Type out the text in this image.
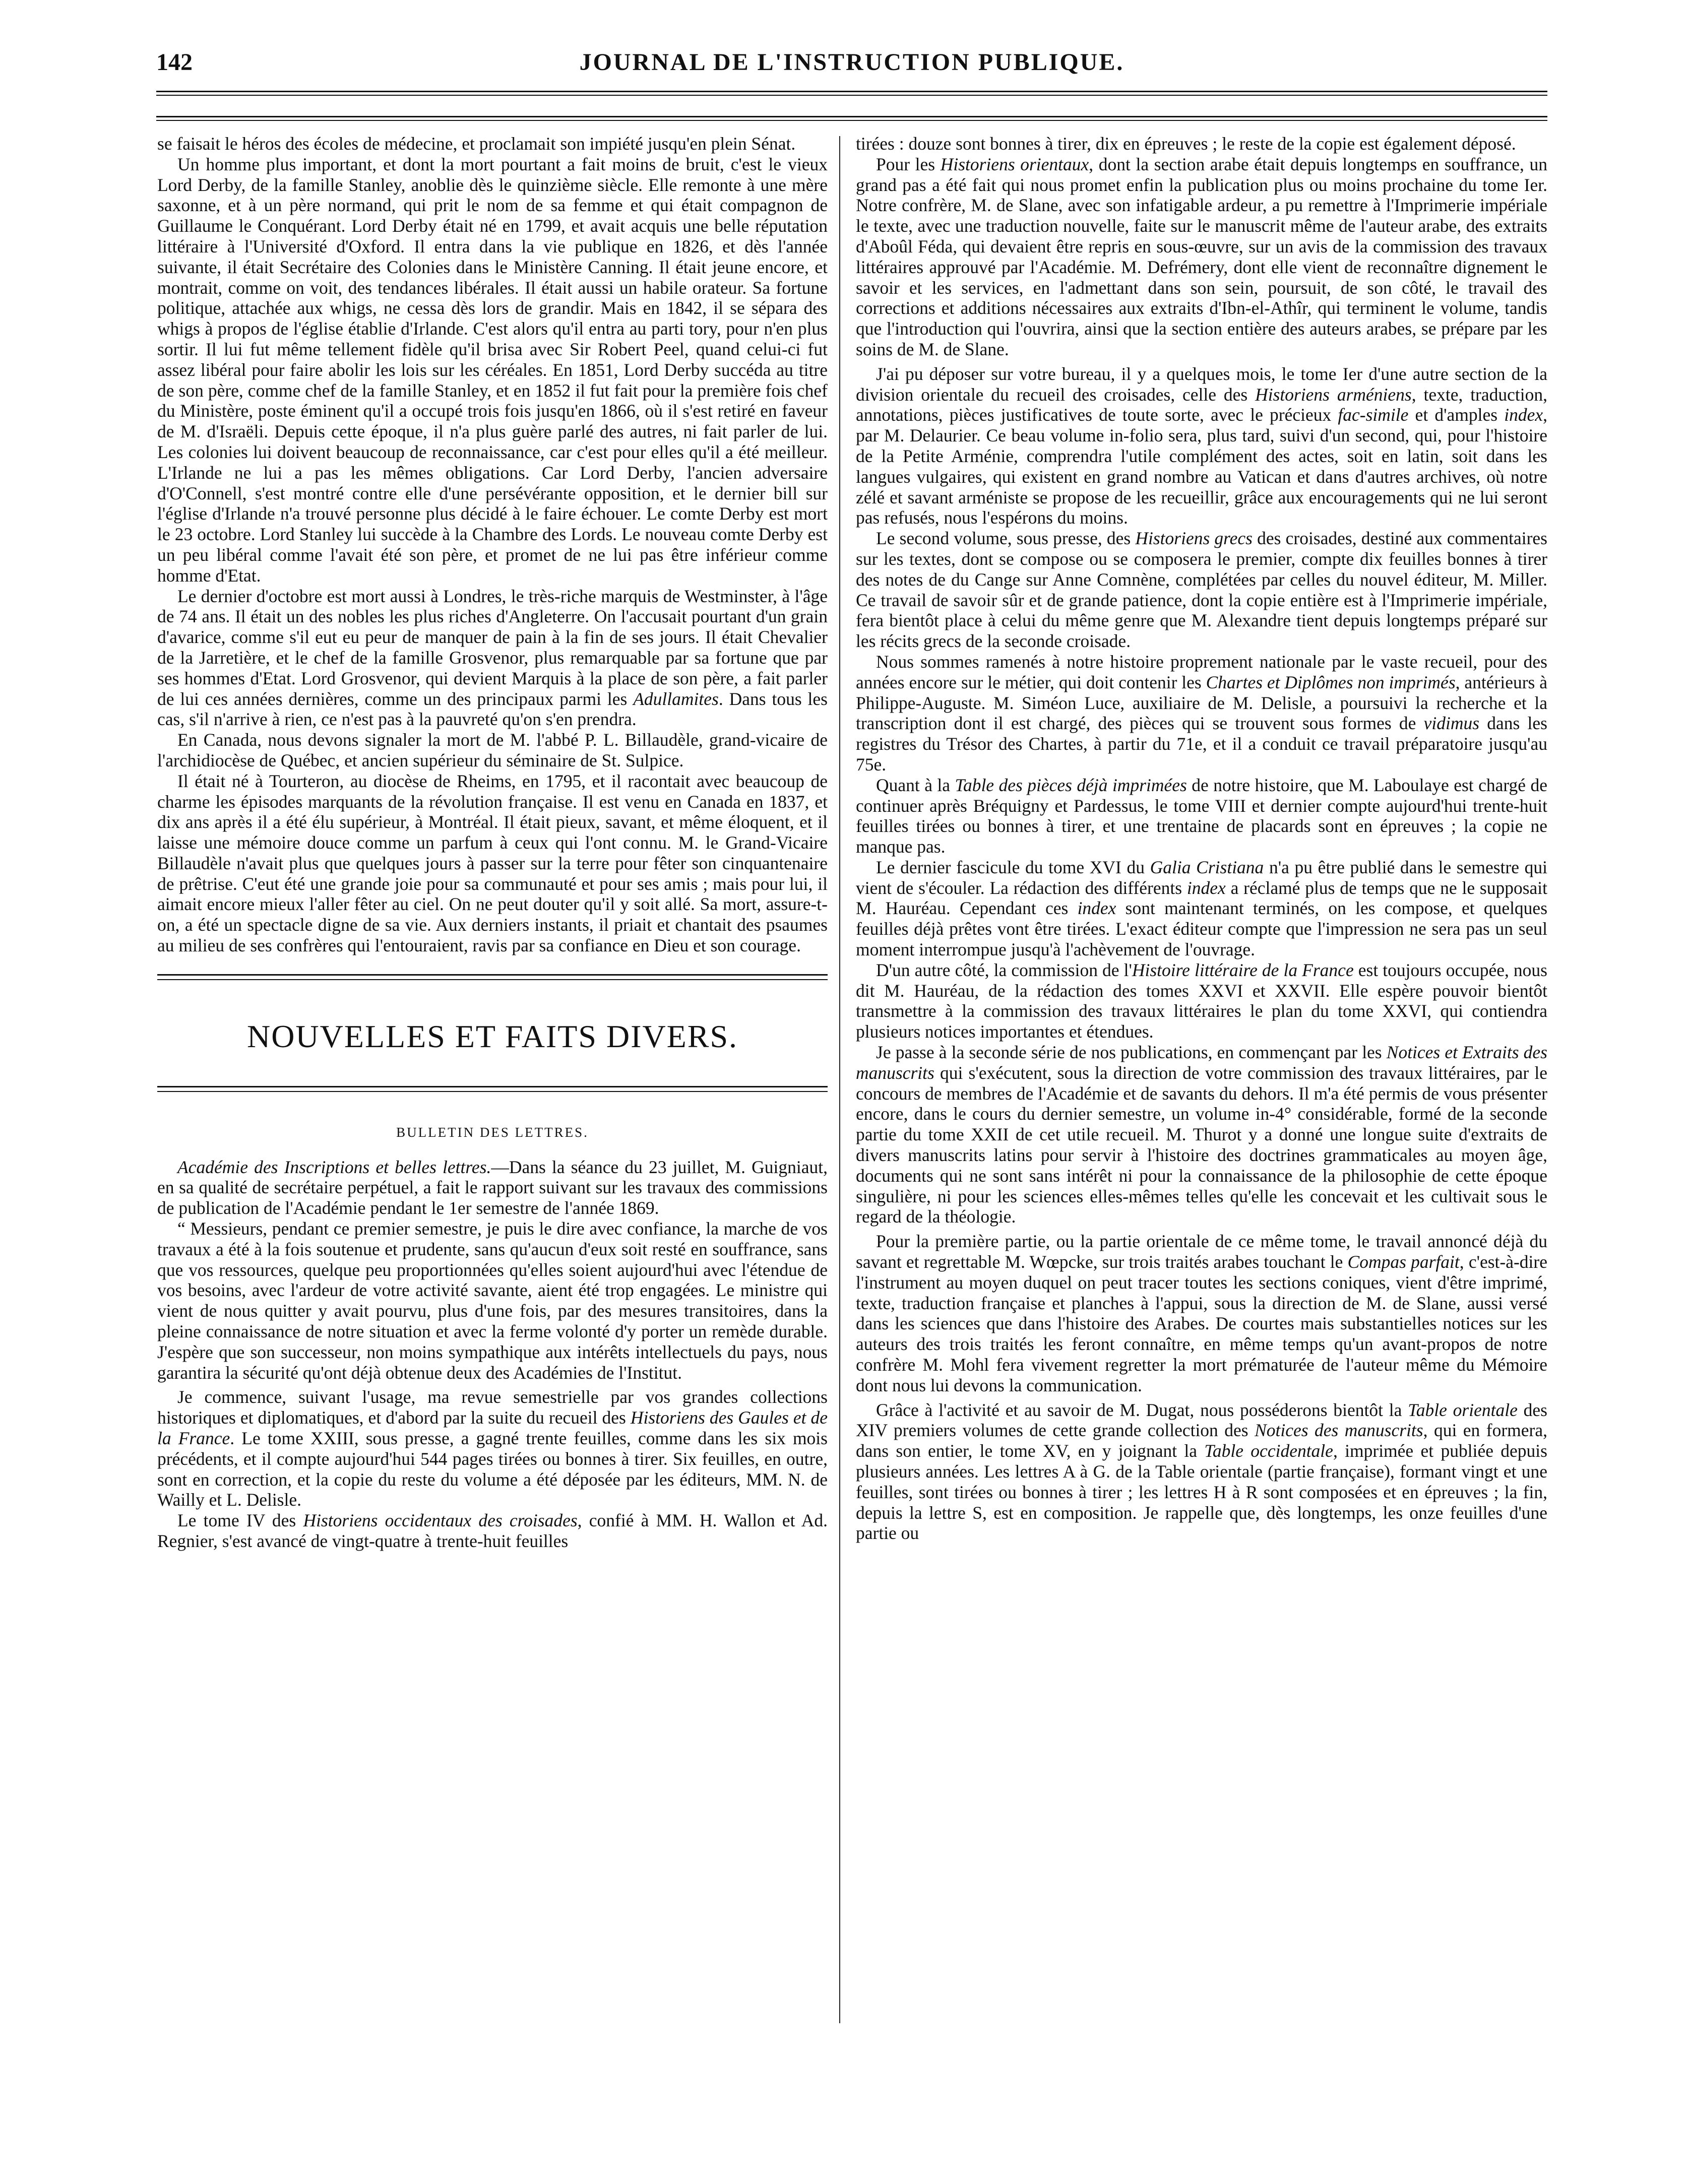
142	JOURNAL DE L'INSTRUCTION PUBLIQUE.

se faisait le héros des écoles de médecine, et proclamait son impiété jusqu'en plein Sénat.

Un homme plus important, et dont la mort pourtant a fait moins de bruit, c'est le vieux Lord Derby, de la famille Stanley, anoblie dès le quinzième siècle. Elle remonte à une mère saxonne, et à un père normand, qui prit le nom de sa femme et qui était compagnon de Guillaume le Conquérant. Lord Derby était né en 1799, et avait acquis une belle réputation littéraire à l'Université d'Oxford. Il entra dans la vie publique en 1826, et dès l'année suivante, il était Secrétaire des Colonies dans le Ministère Canning. Il était jeune encore, et montrait, comme on voit, des tendances libérales. Il était aussi un habile orateur. Sa fortune politique, attachée aux whigs, ne cessa dès lors de grandir. Mais en 1842, il se sépara des whigs à propos de l'église établie d'Irlande. C'est alors qu'il entra au parti tory, pour n'en plus sortir. Il lui fut même tellement fidèle qu'il brisa avec Sir Robert Peel, quand celui-ci fut assez libéral pour faire abolir les lois sur les céréales. En 1851, Lord Derby succéda au titre de son père, comme chef de la famille Stanley, et en 1852 il fut fait pour la première fois chef du Ministère, poste éminent qu'il a occupé trois fois jusqu'en 1866, où il s'est retiré en faveur de M. d'Israëli. Depuis cette époque, il n'a plus guère parlé des autres, ni fait parler de lui. Les colonies lui doivent beaucoup de reconnaissance, car c'est pour elles qu'il a été meilleur. L'Irlande ne lui a pas les mêmes obligations. Car Lord Derby, l'ancien adversaire d'O'Connell, s'est montré contre elle d'une persévérante opposition, et le dernier bill sur l'église d'Irlande n'a trouvé personne plus décidé à le faire échouer. Le comte Derby est mort le 23 octobre. Lord Stanley lui succède à la Chambre des Lords. Le nouveau comte Derby est un peu libéral comme l'avait été son père, et promet de ne lui pas être inférieur comme homme d'Etat.

Le dernier d'octobre est mort aussi à Londres, le très-riche marquis de Westminster, à l'âge de 74 ans. Il était un des nobles les plus riches d'Angleterre. On l'accusait pourtant d'un grain d'avarice, comme s'il eut eu peur de manquer de pain à la fin de ses jours. Il était Chevalier de la Jarretière, et le chef de la famille Grosvenor, plus remarquable par sa fortune que par ses hommes d'Etat. Lord Grosvenor, qui devient Marquis à la place de son père, a fait parler de lui ces années dernières, comme un des principaux parmi les Adullamites. Dans tous les cas, s'il n'arrive à rien, ce n'est pas à la pauvreté qu'on s'en prendra.

En Canada, nous devons signaler la mort de M. l'abbé P. L. Billaudèle, grand-vicaire de l'archidiocèse de Québec, et ancien supérieur du séminaire de St. Sulpice.

Il était né à Tourteron, au diocèse de Rheims, en 1795, et il racontait avec beaucoup de charme les épisodes marquants de la révolution française. Il est venu en Canada en 1837, et dix ans après il a été élu supérieur, à Montréal. Il était pieux, savant, et même éloquent, et il laisse une mémoire douce comme un parfum à ceux qui l'ont connu. M. le Grand-Vicaire Billaudèle n'avait plus que quelques jours à passer sur la terre pour fêter son cinquantenaire de prêtrise. C'eut été une grande joie pour sa communauté et pour ses amis ; mais pour lui, il aimait encore mieux l'aller fêter au ciel. On ne peut douter qu'il y soit allé. Sa mort, assure-t-on, a été un spectacle digne de sa vie. Aux derniers instants, il priait et chantait des psaumes au milieu de ses confrères qui l'entouraient, ravis par sa confiance en Dieu et son courage.

NOUVELLES ET FAITS DIVERS.
BULLETIN DES LETTRES.

Académie des Inscriptions et belles lettres.—Dans la séance du 23 juillet, M. Guigniaut, en sa qualité de secrétaire perpétuel, a fait le rapport suivant sur les travaux des commissions de publication de l'Académie pendant le 1er semestre de l'année 1869.

“ Messieurs, pendant ce premier semestre, je puis le dire avec confiance, la marche de vos travaux a été à la fois soutenue et prudente, sans qu'aucun d'eux soit resté en souffrance, sans que vos ressources, quelque peu proportionnées qu'elles soient aujourd'hui avec l'étendue de vos besoins, avec l'ardeur de votre activité savante, aient été trop engagées. Le ministre qui vient de nous quitter y avait pourvu, plus d'une fois, par des mesures transitoires, dans la pleine connaissance de notre situation et avec la ferme volonté d'y porter un remède durable. J'espère que son successeur, non moins sympathique aux intérêts intellectuels du pays, nous garantira la sécurité qu'ont déjà obtenue deux des Académies de l'Institut.

Je commence, suivant l'usage, ma revue semestrielle par vos grandes collections historiques et diplomatiques, et d'abord par la suite du recueil des Historiens des Gaules et de la France. Le tome XXIII, sous presse, a gagné trente feuilles, comme dans les six mois précédents, et il compte aujourd'hui 544 pages tirées ou bonnes à tirer. Six feuilles, en outre, sont en correction, et la copie du reste du volume a été déposée par les éditeurs, MM. N. de Wailly et L. Delisle.

Le tome IV des Historiens occidentaux des croisades, confié à MM. H. Wallon et Ad. Regnier, s'est avancé de vingt-quatre à trente-huit feuilles

tirées : douze sont bonnes à tirer, dix en épreuves ; le reste de la copie est également déposé.

Pour les Historiens orientaux, dont la section arabe était depuis longtemps en souffrance, un grand pas a été fait qui nous promet enfin la publication plus ou moins prochaine du tome Ier. Notre confrère, M. de Slane, avec son infatigable ardeur, a pu remettre à l'Imprimerie impériale le texte, avec une traduction nouvelle, faite sur le manuscrit même de l'auteur arabe, des extraits d'Aboûl Féda, qui devaient être repris en sous-œuvre, sur un avis de la commission des travaux littéraires approuvé par l'Académie. M. Defrémery, dont elle vient de reconnaître dignement le savoir et les services, en l'admettant dans son sein, poursuit, de son côté, le travail des corrections et additions nécessaires aux extraits d'Ibn-el-Athîr, qui terminent le volume, tandis que l'introduction qui l'ouvrira, ainsi que la section entière des auteurs arabes, se prépare par les soins de M. de Slane.

J'ai pu déposer sur votre bureau, il y a quelques mois, le tome Ier d'une autre section de la division orientale du recueil des croisades, celle des Historiens arméniens, texte, traduction, annotations, pièces justificatives de toute sorte, avec le précieux fac-simile et d'amples index, par M. Delaurier. Ce beau volume in-folio sera, plus tard, suivi d'un second, qui, pour l'histoire de la Petite Arménie, comprendra l'utile complément des actes, soit en latin, soit dans les langues vulgaires, qui existent en grand nombre au Vatican et dans d'autres archives, où notre zélé et savant arméniste se propose de les recueillir, grâce aux encouragements qui ne lui seront pas refusés, nous l'espérons du moins.

Le second volume, sous presse, des Historiens grecs des croisades, destiné aux commentaires sur les textes, dont se compose ou se composera le premier, compte dix feuilles bonnes à tirer des notes de du Cange sur Anne Comnène, complétées par celles du nouvel éditeur, M. Miller. Ce travail de savoir sûr et de grande patience, dont la copie entière est à l'Imprimerie impériale, fera bientôt place à celui du même genre que M. Alexandre tient depuis longtemps préparé sur les récits grecs de la seconde croisade.

Nous sommes ramenés à notre histoire proprement nationale par le vaste recueil, pour des années encore sur le métier, qui doit contenir les Chartes et Diplômes non imprimés, antérieurs à Philippe-Auguste. M. Siméon Luce, auxiliaire de M. Delisle, a poursuivi la recherche et la transcription dont il est chargé, des pièces qui se trouvent sous formes de vidimus dans les registres du Trésor des Chartes, à partir du 71e, et il a conduit ce travail préparatoire jusqu'au 75e.

Quant à la Table des pièces déjà imprimées de notre histoire, que M. Laboulaye est chargé de continuer après Bréquigny et Pardessus, le tome VIII et dernier compte aujourd'hui trente-huit feuilles tirées ou bonnes à tirer, et une trentaine de placards sont en épreuves ; la copie ne manque pas.

Le dernier fascicule du tome XVI du Galia Cristiana n'a pu être publié dans le semestre qui vient de s'écouler. La rédaction des différents index a réclamé plus de temps que ne le supposait M. Hauréau. Cependant ces index sont maintenant terminés, on les compose, et quelques feuilles déjà prêtes vont être tirées. L'exact éditeur compte que l'impression ne sera pas un seul moment interrompue jusqu'à l'achèvement de l'ouvrage.

D'un autre côté, la commission de l'Histoire littéraire de la France est toujours occupée, nous dit M. Hauréau, de la rédaction des tomes XXVI et XXVII. Elle espère pouvoir bientôt transmettre à la commission des travaux littéraires le plan du tome XXVI, qui contiendra plusieurs notices importantes et étendues.

Je passe à la seconde série de nos publications, en commençant par les Notices et Extraits des manuscrits qui s'exécutent, sous la direction de votre commission des travaux littéraires, par le concours de membres de l'Académie et de savants du dehors. Il m'a été permis de vous présenter encore, dans le cours du dernier semestre, un volume in-4° considérable, formé de la seconde partie du tome XXII de cet utile recueil. M. Thurot y a donné une longue suite d'extraits de divers manuscrits latins pour servir à l'histoire des doctrines grammaticales au moyen âge, documents qui ne sont sans intérêt ni pour la connaissance de la philosophie de cette époque singulière, ni pour les sciences elles-mêmes telles qu'elle les concevait et les cultivait sous le regard de la théologie.

Pour la première partie, ou la partie orientale de ce même tome, le travail annoncé déjà du savant et regrettable M. Wœpcke, sur trois traités arabes touchant le Compas parfait, c'est-à-dire l'instrument au moyen duquel on peut tracer toutes les sections coniques, vient d'être imprimé, texte, traduction française et planches à l'appui, sous la direction de M. de Slane, aussi versé dans les sciences que dans l'histoire des Arabes. De courtes mais substantielles notices sur les auteurs des trois traités les feront connaître, en même temps qu'un avant-propos de notre confrère M. Mohl fera vivement regretter la mort prématurée de l'auteur même du Mémoire dont nous lui devons la communication.

Grâce à l'activité et au savoir de M. Dugat, nous posséderons bientôt la Table orientale des XIV premiers volumes de cette grande collection des Notices des manuscrits, qui en formera, dans son entier, le tome XV, en y joignant la Table occidentale, imprimée et publiée depuis plusieurs années. Les lettres A à G. de la Table orientale (partie française), formant vingt et une feuilles, sont tirées ou bonnes à tirer ; les lettres H à R sont composées et en épreuves ; la fin, depuis la lettre S, est en composition. Je rappelle que, dès longtemps, les onze feuilles d'une partie ou
